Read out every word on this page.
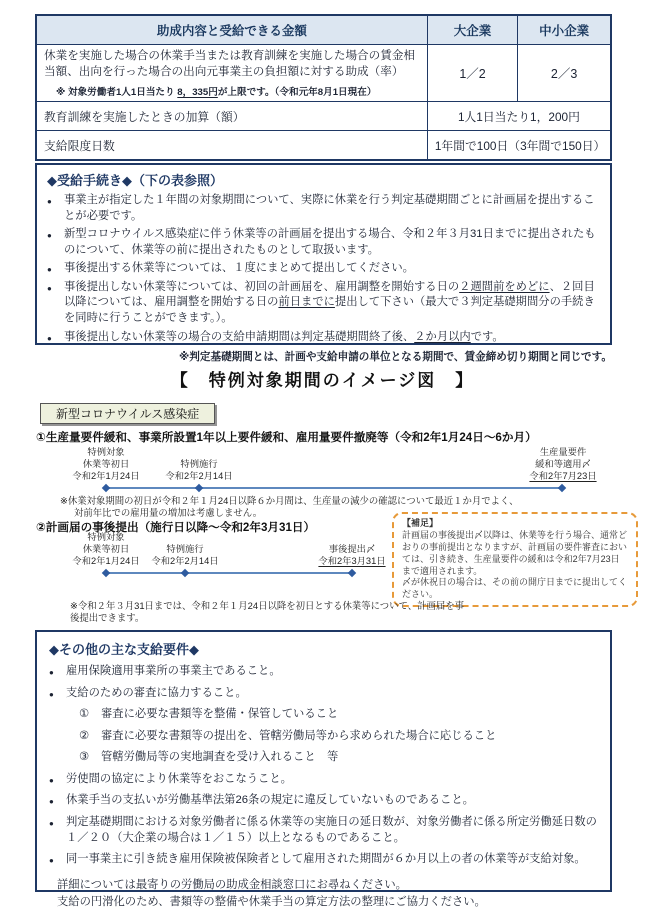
助成内容と受給できる金額	大企業	中小企業

休業を実施した場合の休業手当または教育訓練を実施した場合の賃金相当額、出向を行った場合の出向元事業主の負担額に対する助成（率）
※ 対象労働者1人1日当たり 8，335円が上限です。（令和元年8月1日現在）	1／2	2／3
教育訓練を実施したときの加算（額）	1人1日当たり1，200円	
支給限度日数	1年間で100日（3年間で150日）	
◆受給手続き◆（下の表参照）
●	事業主が指定した１年間の対象期間について、実際に休業を行う判定基礎期間ごとに計画届を提出することが必要です。
●	新型コロナウイルス感染症に伴う休業等の計画届を提出する場合、令和２年３月31日までに提出されたものについて、休業等の前に提出されたものとして取扱います。
●	事後提出する休業等については、１度にまとめて提出してください。
●	事後提出しない休業等については、初回の計画届を、雇用調整を開始する日の２週間前をめどに、２回目以降については、雇用調整を開始する日の前日までに提出して下さい（最大で３判定基礎期間分の手続きを同時に行うことができます。）。
●	事後提出しない休業等の場合の支給申請期間は判定基礎期間終了後、２か月以内です。
※判定基礎期間とは、計画や支給申請の単位となる期間で、賃金締め切り期間と同じです。
【　特例対象期間のイメージ図　】
新型コロナウイルス感染症
①生産量要件緩和、事業所設置1年以上要件緩和、雇用量要件撤廃等（令和2年1月24日～6か月）
特例対象
休業等初日
令和2年1月24日
特例施行
令和2年2月14日
生産量要件
緩和等適用〆
令和2年7月23日
※休業対象期間の初日が令和２年１月24日以降６か月間は、生産量の減少の確認について最近１か月でよく、
対前年比での雇用量の増加は考慮しません。
②計画届の事後提出（施行日以降～令和2年3月31日）
特例対象
休業等初日
令和2年1月24日
特例施行
令和2年2月14日
事後提出〆
令和2年3月31日
【補足】
計画届の事後提出〆以降は、休業等を行う場合、通常どおりの事前提出となりますが、計画届の要件審査においては、引き続き、生産量要件の緩和は令和2年7月23日まで適用されます。
〆が休祝日の場合は、その前の開庁日までに提出してください。
※令和２年３月31日までは、令和２年１月24日以降を初日とする休業等について、計画届を事後提出できます。
◆その他の主な支給要件◆
●	雇用保険適用事業所の事業主であること。
●	支給のための審査に協力すること。
①	審査に必要な書類等を整備・保管していること
②	審査に必要な書類等の提出を、管轄労働局等から求められた場合に応じること
③	管轄労働局等の実地調査を受け入れること　等
●	労使間の協定により休業等をおこなうこと。
●	休業手当の支払いが労働基準法第26条の規定に違反していないものであること。
●	判定基礎期間における対象労働者に係る休業等の実施日の延日数が、対象労働者に係る所定労働延日数の１／２０（大企業の場合は１／１５）以上となるものであること。
●	同一事業主に引き続き雇用保険被保険者として雇用された期間が６か月以上の者の休業等が支給対象。
詳細については最寄りの労働局の助成金相談窓口にお尋ねください。
支給の円滑化のため、書類等の整備や休業手当の算定方法の整理にご協力ください。
